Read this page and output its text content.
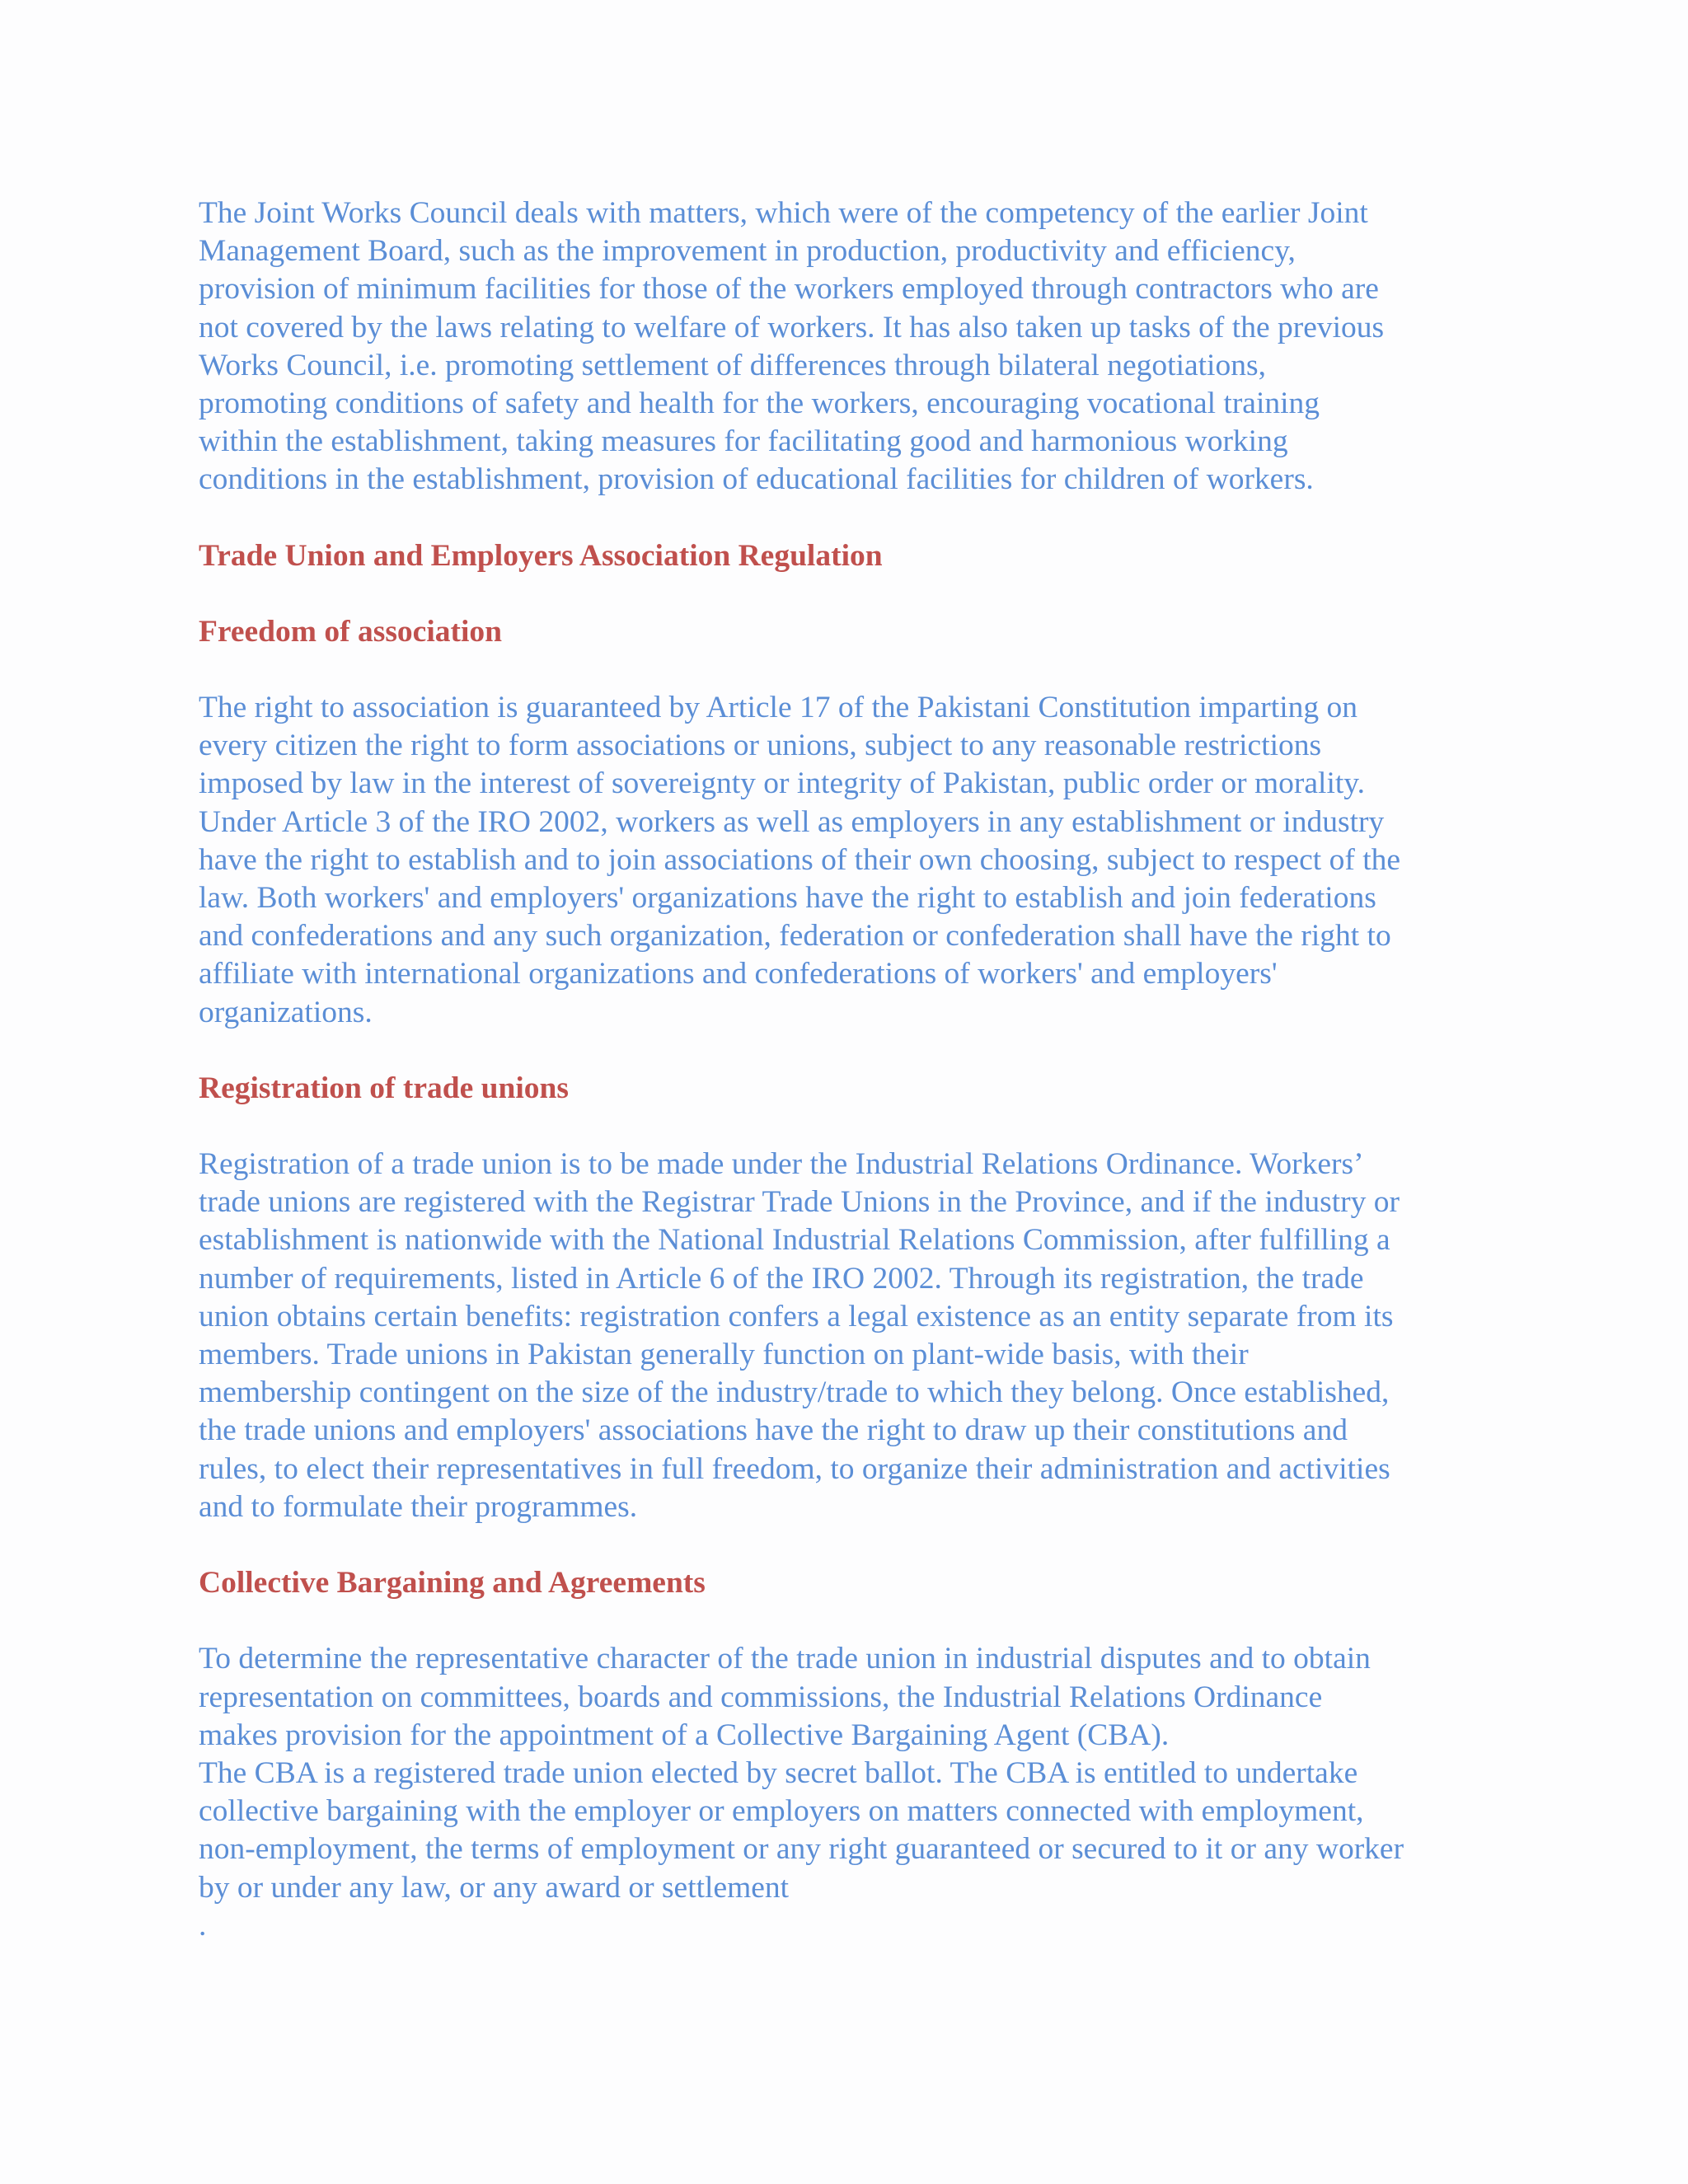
The Joint Works Council deals with matters, which were of the competency of the earlier Joint
Management Board, such as the improvement in production, productivity and efficiency,
provision of minimum facilities for those of the workers employed through contractors who are
not covered by the laws relating to welfare of workers. It has also taken up tasks of the previous
Works Council, i.e. promoting settlement of differences through bilateral negotiations,
promoting conditions of safety and health for the workers, encouraging vocational training
within the establishment, taking measures for facilitating good and harmonious working
conditions in the establishment, provision of educational facilities for children of workers.

Trade Union and Employers Association Regulation
Freedom of association

The right to association is guaranteed by Article 17 of the Pakistani Constitution imparting on
every citizen the right to form associations or unions, subject to any reasonable restrictions
imposed by law in the interest of sovereignty or integrity of Pakistan, public order or morality.
Under Article 3 of the IRO 2002, workers as well as employers in any establishment or industry
have the right to establish and to join associations of their own choosing, subject to respect of the
law. Both workers' and employers' organizations have the right to establish and join federations
and confederations and any such organization, federation or confederation shall have the right to
affiliate with international organizations and confederations of workers' and employers'
organizations.

Registration of trade unions

Registration of a trade union is to be made under the Industrial Relations Ordinance. Workers’
trade unions are registered with the Registrar Trade Unions in the Province, and if the industry or
establishment is nationwide with the National Industrial Relations Commission, after fulfilling a
number of requirements, listed in Article 6 of the IRO 2002. Through its registration, the trade
union obtains certain benefits: registration confers a legal existence as an entity separate from its
members. Trade unions in Pakistan generally function on plant-wide basis, with their
membership contingent on the size of the industry/trade to which they belong. Once established,
the trade unions and employers' associations have the right to draw up their constitutions and
rules, to elect their representatives in full freedom, to organize their administration and activities
and to formulate their programmes.

Collective Bargaining and Agreements

To determine the representative character of the trade union in industrial disputes and to obtain
representation on committees, boards and commissions, the Industrial Relations Ordinance
makes provision for the appointment of a Collective Bargaining Agent (CBA).
The CBA is a registered trade union elected by secret ballot. The CBA is entitled to undertake
collective bargaining with the employer or employers on matters connected with employment,
non-employment, the terms of employment or any right guaranteed or secured to it or any worker
by or under any law, or any award or settlement
.
